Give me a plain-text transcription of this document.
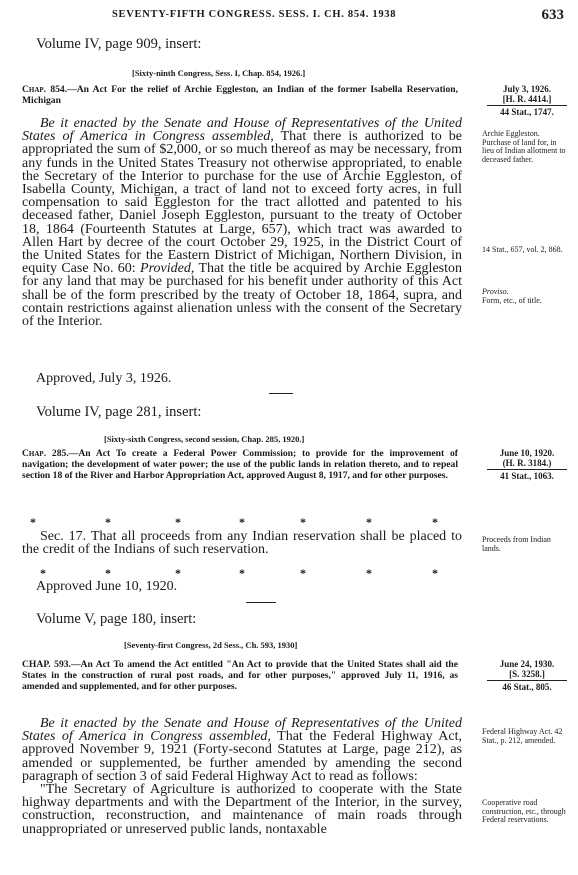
SEVENTY-FIFTH CONGRESS. SESS. I. CH. 854. 1938	633
Volume IV, page 909, insert:
[Sixty-ninth Congress, Sess. I, Chap. 854, 1926.]
Chap. 854.—An Act For the relief of Archie Eggleston, an Indian of the former Isabella Reservation, Michigan
July 3, 1926.
[H. R. 4414.]
44 Stat., 1747.

Be it enacted by the Senate and House of Representatives of the United States of America in Congress assembled, That there is authorized to be appropriated the sum of $2,000, or so much thereof as may be necessary, from any funds in the United States Treasury not otherwise appropriated, to enable the Secretary of the Interior to purchase for the use of Archie Eggleston, of Isabella County, Michigan, a tract of land not to exceed forty acres, in full compensation to said Eggleston for the tract allotted and patented to his deceased father, Daniel Joseph Eggleston, pursuant to the treaty of October 18, 1864 (Fourteenth Statutes at Large, 657), which tract was awarded to Allen Hart by decree of the court October 29, 1925, in the District Court of the United States for the Eastern District of Michigan, Northern Division, in equity Case No. 60: Provided, That the title be acquired by Archie Eggleston for any land that may be purchased for his benefit under authority of this Act shall be of the form prescribed by the treaty of October 18, 1864, supra, and contain restrictions against alienation unless with the consent of the Secretary of the Interior.

Archie Eggleston. Purchase of land for, in lieu of Indian allotment to deceased father.
14 Stat., 657, vol. 2, 868.
Proviso.
Form, etc., of title.
Approved, July 3, 1926.
Volume IV, page 281, insert:
[Sixty-sixth Congress, second session, Chap. 285, 1920.]
Chap. 285.—An Act To create a Federal Power Commission; to provide for the improvement of navigation; the development of water power; the use of the public lands in relation thereto, and to repeal section 18 of the River and Harbor Appropriation Act, approved August 8, 1917, and for other purposes.
June 10, 1920.
(H. R. 3184.)
41 Stat., 1063.
*	*	*	*	*	*	*

Sec. 17. That all proceeds from any Indian reservation shall be placed to the credit of the Indians of such reservation.

Proceeds from Indian lands.
*	*	*	*	*	*	*
Approved June 10, 1920.
Volume V, page 180, insert:
[Seventy-first Congress, 2d Sess., Ch. 593, 1930]
CHAP. 593.—An Act To amend the Act entitled "An Act to provide that the United States shall aid the States in the construction of rural post roads, and for other purposes," approved July 11, 1916, as amended and supplemented, and for other purposes.
June 24, 1930.
[S. 3258.]
46 Stat., 805.

Be it enacted by the Senate and House of Representatives of the United States of America in Congress assembled, That the Federal Highway Act, approved November 9, 1921 (Forty-second Statutes at Large, page 212), as amended or supplemented, be further amended by amending the second paragraph of section 3 of said Federal Highway Act to read as follows:

"The Secretary of Agriculture is authorized to cooperate with the State highway departments and with the Department of the Interior, in the survey, construction, reconstruction, and maintenance of main roads through unappropriated or unreserved public lands, nontaxable

Federal Highway Act. 42 Stat., p. 212, amended.
Cooperative road construction, etc., through Federal reservations.
